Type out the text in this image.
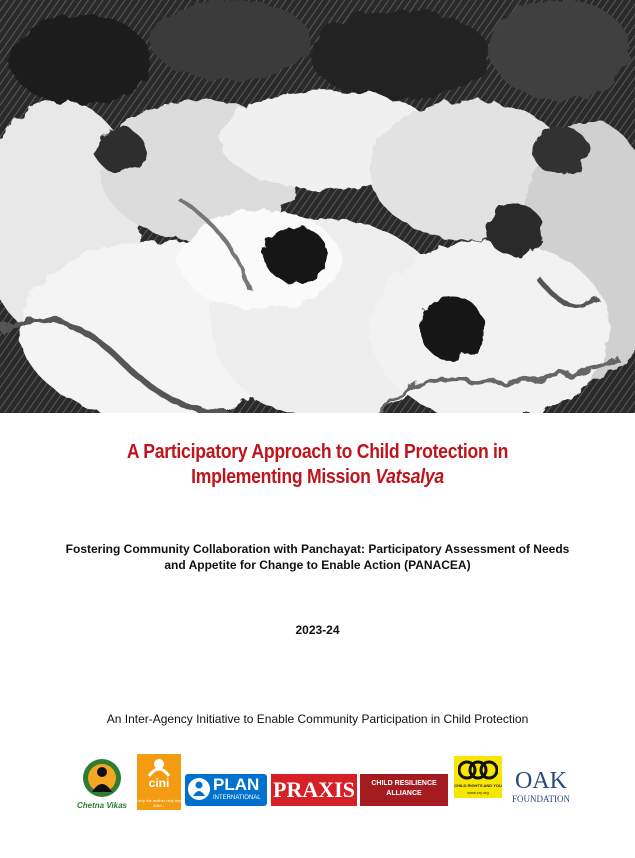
A Participatory Approach to Child Protection in
Implementing Mission Vatsalya
Fostering Community Collaboration with Panchayat: Participatory Assessment of Needs
and Appetite for Change to Enable Action (PANACEA)
2023-24
An Inter-Agency Initiative to Enable Community Participation in Child Protection
Chetna Vikas
cini
help the mother help the child...
PLAN
INTERNATIONAL PRAXIS	CHILD RESILIENCE
ALLIANCE
CHILD RIGHTS AND YOU
www.cry.org	OAK
FOUNDATION
